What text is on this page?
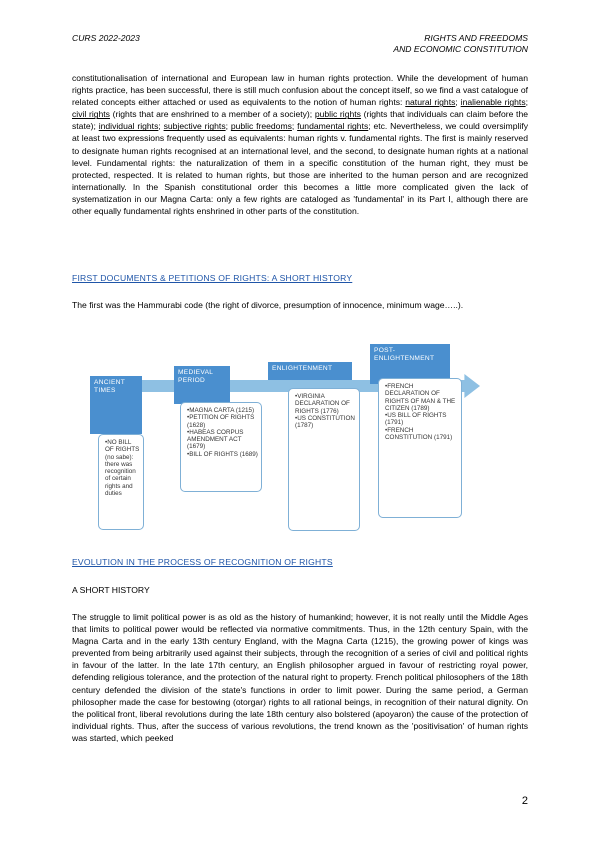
CURS 2022-2023	RIGHTS AND FREEDOMS
AND ECONOMIC CONSTITUTION

constitutionalisation of international and European law in human rights protection. While the development of human rights practice, has been successful, there is still much confusion about the concept itself, so we find a vast catalogue of related concepts either attached or used as equivalents to the notion of human rights: natural rights; inalienable rights; civil rights (rights that are enshrined to a member of a society); public rights (rights that individuals can claim before the state); individual rights; subjective rights; public freedoms; fundamental rights; etc. Nevertheless, we could oversimplify at least two expressions frequently used as equivalents: human rights v. fundamental rights. The first is mainly reserved to designate human rights recognised at an international level, and the second, to designate human rights at a national level. Fundamental rights: the naturalization of them in a specific constitution of the human right, they must be protected, respected. It is related to human rights, but those are inherited to the human person and are recognized internationally. In the Spanish constitutional order this becomes a little more complicated given the lack of systematization in our Magna Carta: only a few rights are cataloged as 'fundamental' in its Part I, although there are other equally fundamental rights enshrined in other parts of the constitution.

FIRST DOCUMENTS & PETITIONS OF RIGHTS: A SHORT HISTORY
The first was the Hammurabi code (the right of divorce, presumption of innocence, minimum wage…..).
ANCIENT TIMES
•NO BILL OF RIGHTS (no sabe): there was recognition of certain rights and duties
MEDIEVAL PERIOD
•MAGNA CARTA (1215)
•PETITION OF RIGHTS (1628)
•HABEAS CORPUS AMENDMENT ACT (1679)
•BILL OF RIGHTS (1689)
ENLIGHTENMENT
•VIRGINIA DECLARATION OF RIGHTS (1776)
•US CONSTITUTION (1787)
POST-ENLIGHTENMENT
•FRENCH DECLARATION OF RIGHTS OF MAN & THE CITIZEN (1789)
•US BILL OF RIGHTS (1791)
•FRENCH CONSTITUTION (1791)
EVOLUTION IN THE PROCESS OF RECOGNITION OF RIGHTS
A SHORT HISTORY
The struggle to limit political power is as old as the history of humankind; however, it is not really until the Middle Ages that limits to political power would be reflected via normative commitments. Thus, in the 12th century Spain, with the Magna Carta and in the early 13th century England, with the Magna Carta (1215), the growing power of kings was prevented from being arbitrarily used against their subjects, through the recognition of a series of civil and political rights in favour of the latter. In the late 17th century, an English philosopher argued in favour of restricting royal power, defending religious tolerance, and the protection of the natural right to property. French political philosophers of the 18th century defended the division of the state's functions in order to limit power. During the same period, a German philosopher made the case for bestowing (otorgar) rights to all rational beings, in recognition of their natural dignity. On the political front, liberal revolutions during the late 18th century also bolstered (apoyaron) the cause of the protection of individual rights. Thus, after the success of various revolutions, the trend known as the 'positivisation' of human rights was started, which peeked
2
